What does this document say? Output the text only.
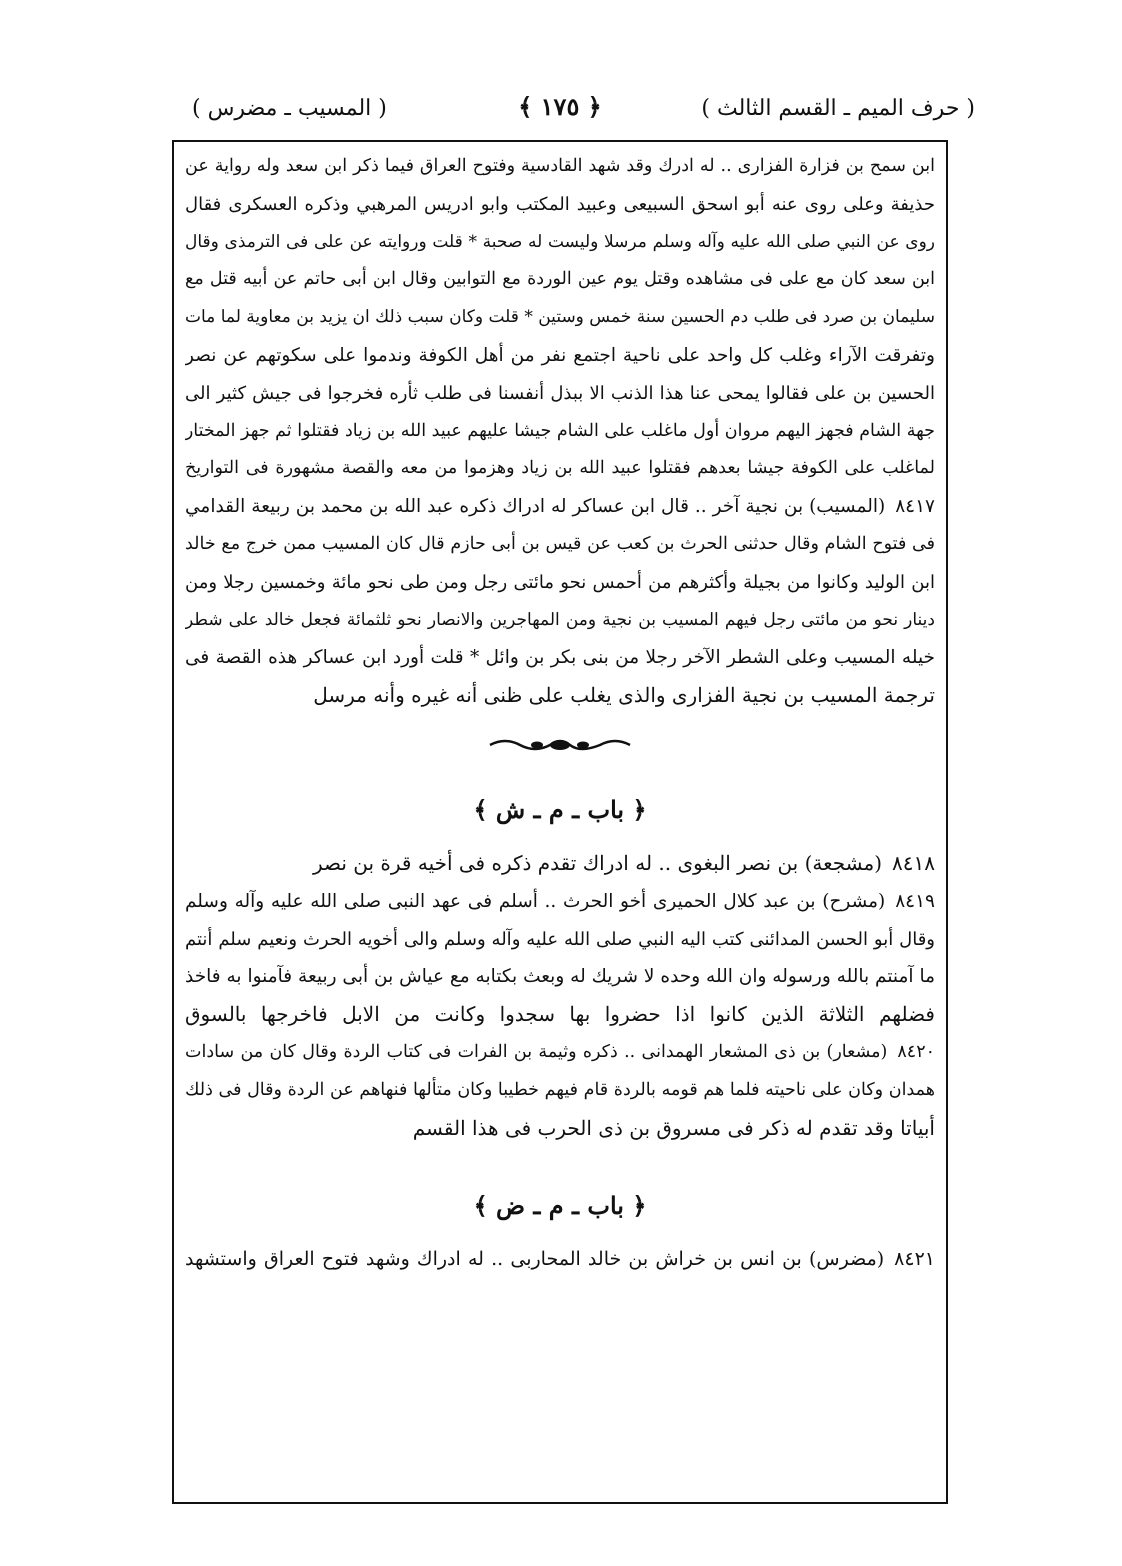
( حرف الميم ـ القسم الثالث )
﴿ ١٧٥ ﴾
( المسيب ـ مضرس )
ابن سمح بن فزارة الفزارى .. له ادرك وقد شهد القادسية وفتوح العراق فيما ذكر ابن سعد وله رواية عن
حذيفة وعلى روى عنه أبو اسحق السبيعى وعبيد المكتب وابو ادريس المرهبي وذكره العسكرى فقال
روى عن النبي صلى الله عليه وآله وسلم مرسلا وليست له صحبة * قلت وروايته عن على فى الترمذى وقال
ابن سعد كان مع على فى مشاهده وقتل يوم عين الوردة مع التوابين وقال ابن أبى حاتم عن أبيه قتل مع
سليمان بن صرد فى طلب دم الحسين سنة خمس وستين * قلت وكان سبب ذلك ان يزيد بن معاوية لما مات
وتفرقت الآراء وغلب كل واحد على ناحية اجتمع نفر من أهل الكوفة وندموا على سكوتهم عن نصر
الحسين بن على فقالوا يمحى عنا هذا الذنب الا ببذل أنفسنا فى طلب ثأره فخرجوا فى جيش كثير الى
جهة الشام فجهز اليهم مروان أول ماغلب على الشام جيشا عليهم عبيد الله بن زياد فقتلوا ثم جهز المختار
لماغلب على الكوفة جيشا بعدهم فقتلوا عبيد الله بن زياد وهزموا من معه والقصة مشهورة فى التواريخ
٨٤١٧(المسيب) بن نجية آخر .. قال ابن عساكر له ادراك ذكره عبد الله بن محمد بن ربيعة القدامي
فى فتوح الشام وقال حدثنى الحرث بن كعب عن قيس بن أبى حازم قال كان المسيب ممن خرج مع خالد
ابن الوليد وكانوا من بجيلة وأكثرهم من أحمس نحو مائتى رجل ومن طى نحو مائة وخمسين رجلا ومن
دينار نحو من مائتى رجل فيهم المسيب بن نجية ومن المهاجرين والانصار نحو ثلثمائة فجعل خالد على شطر
خيله المسيب وعلى الشطر الآخر رجلا من بنى بكر بن وائل * قلت أورد ابن عساكر هذه القصة فى
ترجمة المسيب بن نجية الفزارى والذى يغلب على ظنى أنه غيره وأنه مرسل
﴿ باب ـ م ـ ش ﴾
٨٤١٨(مشجعة) بن نصر البغوى .. له ادراك تقدم ذكره فى أخيه قرة بن نصر
٨٤١٩(مشرح) بن عبد كلال الحميرى أخو الحرث .. أسلم فى عهد النبى صلى الله عليه وآله وسلم
وقال أبو الحسن المدائنى كتب اليه النبي صلى الله عليه وآله وسلم والى أخويه الحرث ونعيم سلم أنتم
ما آمنتم بالله ورسوله وان الله وحده لا شريك له وبعث بكتابه مع عياش بن أبى ربيعة فآمنوا به فاخذ
فضلهم الثلاثة الذين كانوا اذا حضروا بها سجدوا وكانت من الابل فاخرجها بالسوق
٨٤٢٠(مشعار) بن ذى المشعار الهمدانى .. ذكره وثيمة بن الفرات فى كتاب الردة وقال كان من سادات
همدان وكان على ناحيته فلما هم قومه بالردة قام فيهم خطيبا وكان متألها فنهاهم عن الردة وقال فى ذلك
أبياتا وقد تقدم له ذكر فى مسروق بن ذى الحرب فى هذا القسم
﴿ باب ـ م ـ ض ﴾
٨٤٢١(مضرس) بن انس بن خراش بن خالد المحاربى .. له ادراك وشهد فتوح العراق واستشهد
